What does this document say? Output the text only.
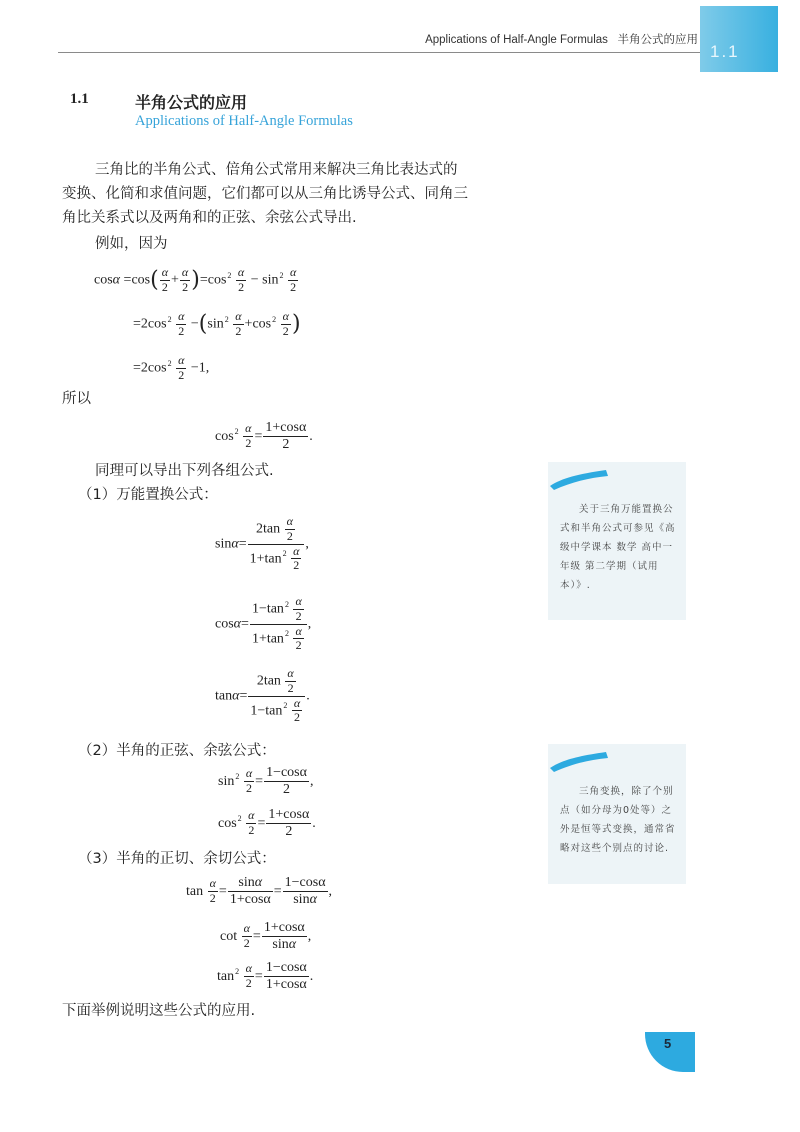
Applications of Half-Angle Formulas 半角公式的应用
1.1
1.1	半角公式的应用
Applications of Half-Angle Formulas
三角比的半角公式、倍角公式常用来解决三角比表达式的
变换、化简和求值问题，它们都可以从三角比诱导公式、同角三
角比关系式以及两角和的正弦、余弦公式导出.
例如，因为
$\cos\alpha =\cos( \frac{\alpha}{2} + \frac{\alpha}{2} )=\cos^2 \frac{\alpha}{2} - \sin^2 \frac{\alpha}{2}$
$=2\cos^2 \frac{\alpha}{2} -(\sin^2 \frac{\alpha}{2} +\cos^2 \frac{\alpha}{2}$ )
$=2\cos^2 \frac{\alpha}{2} -1$,
所以
$\cos^2 \frac{\alpha}{2} = \frac{1+\cos\alpha}{2}$ .
同理可以导出下列各组公式.
（1）万能置换公式：
$\sin\alpha= \frac{2\tan \frac{\alpha}{2}}{1+\tan^2 \frac{\alpha}{2}}$ ,
$\cos\alpha= \frac{1-\tan^2 \frac{\alpha}{2}}{1+\tan^2 \frac{\alpha}{2}}$ ,
$\tan\alpha= \frac{2\tan \frac{\alpha}{2}}{1-\tan^2 \frac{\alpha}{2}}$ .
（2）半角的正弦、余弦公式：
$\sin^2 \frac{\alpha}{2} = \frac{1-\cos\alpha}{2}$ ,
$\cos^2 \frac{\alpha}{2} = \frac{1+\cos\alpha}{2}$ .
（3）半角的正切、余切公式：
$\tan \frac{\alpha}{2} = \frac{\sin\alpha}{1+\cos\alpha} = \frac{1-\cos\alpha}{\sin\alpha}$ ,
$\cot \frac{\alpha}{2} = \frac{1+\cos\alpha}{\sin\alpha}$ ,
$\tan^2 \frac{\alpha}{2} = \frac{1-\cos\alpha}{1+\cos\alpha}$ .
下面举例说明这些公式的应用.
关于三角万能置换公式和半角公式可参见《高级中学课本 数学 高中一年级 第二学期（试用本）》.
三角变换，除了个别点（如分母为0处等）之外是恒等式变换，通常省略对这些个别点的讨论.
5
